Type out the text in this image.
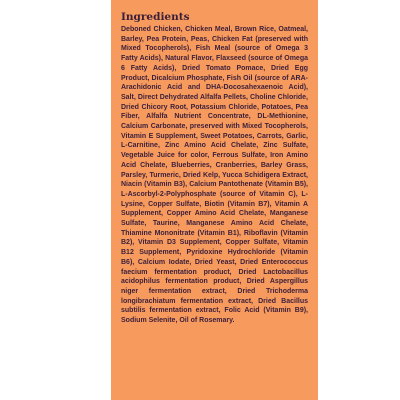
Ingredients

Deboned Chicken, Chicken Meal, Brown Rice, Oatmeal, Barley, Pea Protein, Peas, Chicken Fat (preserved with Mixed Tocopherols), Fish Meal (source of Omega 3 Fatty Acids), Natural Flavor, Flaxseed (source of Omega 6 Fatty Acids), Dried Tomato Pomace, Dried Egg Product, Dicalcium Phosphate, Fish Oil (source of ARA-Arachidonic Acid and DHA-Docosahexaenoic Acid), Salt, Direct Dehydrated Alfalfa Pellets, Choline Chloride, Dried Chicory Root, Potassium Chloride, Potatoes, Pea Fiber, Alfalfa Nutrient Concentrate, DL-Methionine, Calcium Carbonate, preserved with Mixed Tocopherols, Vitamin E Supplement, Sweet Potatoes, Carrots, Garlic, L-Carnitine, Zinc Amino Acid Chelate, Zinc Sulfate, Vegetable Juice for color, Ferrous Sulfate, Iron Amino Acid Chelate, Blueberries, Cranberries, Barley Grass, Parsley, Turmeric, Dried Kelp, Yucca Schidigera Extract, Niacin (Vitamin B3), Calcium Pantothenate (Vitamin B5), L-Ascorbyl-2-Polyphosphate (source of Vitamin C), L-Lysine, Copper Sulfate, Biotin (Vitamin B7), Vitamin A Supplement, Copper Amino Acid Chelate, Manganese Sulfate, Taurine, Manganese Amino Acid Chelate, Thiamine Mononitrate (Vitamin B1), Riboflavin (Vitamin B2), Vitamin D3 Supplement, Copper Sulfate, Vitamin B12 Supplement, Pyridoxine Hydrochloride (Vitamin B6), Calcium Iodate, Dried Yeast, Dried Enterococcus faecium fermentation product, Dried Lactobacillus acidophilus fermentation product, Dried Aspergillus niger fermentation extract, Dried Trichoderma longibrachiatum fermentation extract, Dried Bacillus subtilis fermentation extract, Folic Acid (Vitamin B9), Sodium Selenite, Oil of Rosemary.
